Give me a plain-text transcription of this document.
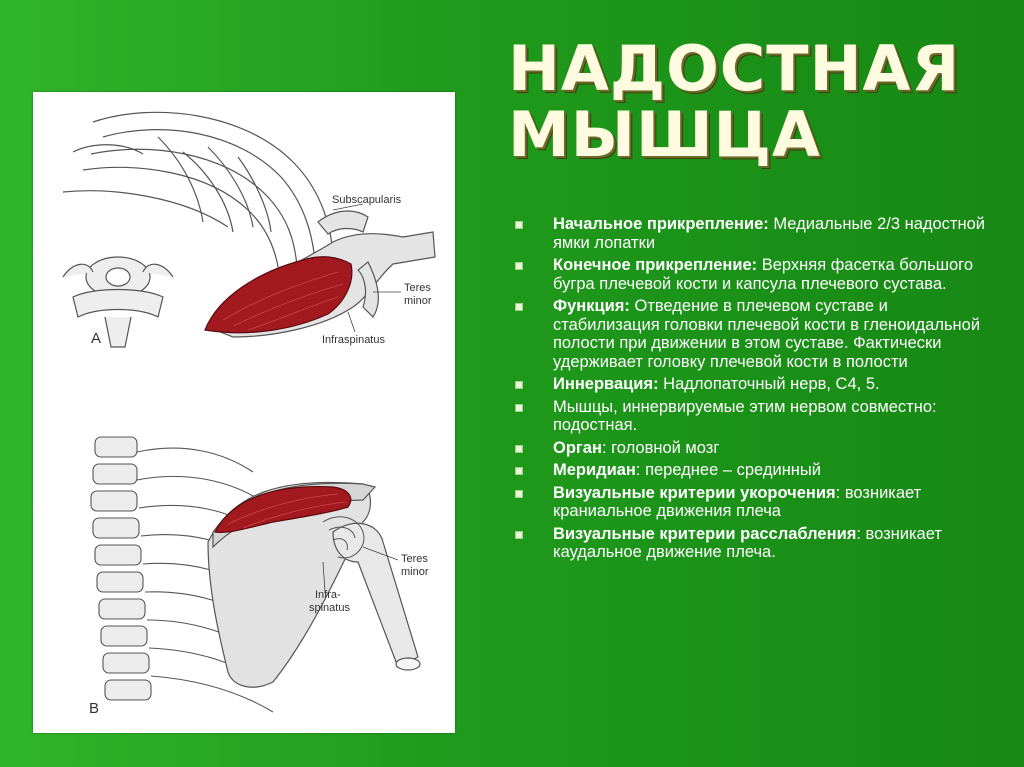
НАДОСТНАЯ
МЫШЦА
Subscapularis
Teres
minor
Infraspinatus
A
Teres
minor
Infra-
spinatus
B
Начальное прикрепление: Медиальные 2/3 надостной ямки лопатки
Конечное прикрепление: Верхняя фасетка большого бугра плечевой кости и капсула плечевого сустава.
Функция: Отведение в плечевом суставе и стабилизация головки плечевой кости в гленоидальной полости при движении в этом суставе. Фактически удерживает головку плечевой кости в полости
Иннервация: Надлопаточный нерв, C4, 5.
Мышцы, иннервируемые этим нервом совместно: подостная.
Орган: головной мозг
Меридиан: переднее – срединный
Визуальные критерии укорочения: возникает краниальное движения плеча
Визуальные критерии расслабления: возникает каудальное движение плеча.
